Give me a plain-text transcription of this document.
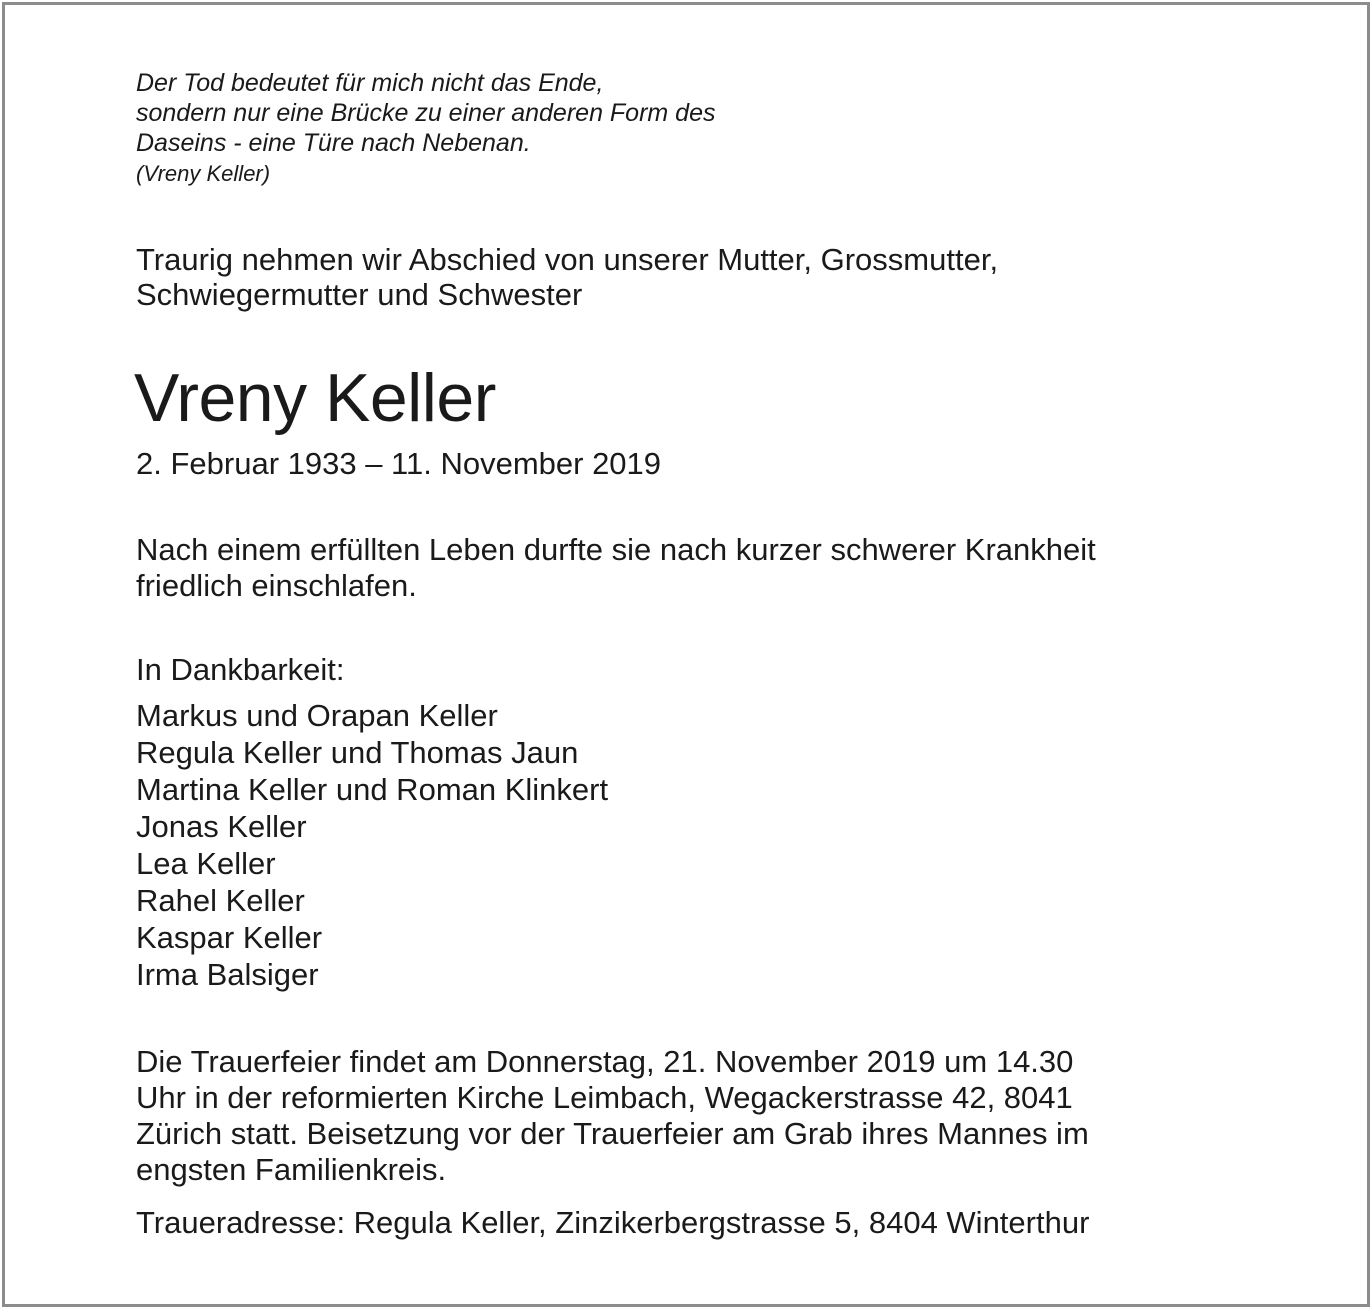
Der Tod bedeutet für mich nicht das Ende,
sondern nur eine Brücke zu einer anderen Form des
Daseins - eine Türe nach Nebenan.
(Vreny Keller)
Traurig nehmen wir Abschied von unserer Mutter, Grossmutter,
Schwiegermutter und Schwester
Vreny Keller
2. Februar 1933 – 11. November 2019
Nach einem erfüllten Leben durfte sie nach kurzer schwerer Krankheit
friedlich einschlafen.
In Dankbarkeit:
Markus und Orapan Keller
Regula Keller und Thomas Jaun
Martina Keller und Roman Klinkert
Jonas Keller
Lea Keller
Rahel Keller
Kaspar Keller
Irma Balsiger
Die Trauerfeier findet am Donnerstag, 21. November 2019 um 14.30
Uhr in der reformierten Kirche Leimbach, Wegackerstrasse 42, 8041
Zürich statt. Beisetzung vor der Trauerfeier am Grab ihres Mannes im
engsten Familienkreis.
Traueradresse: Regula Keller, Zinzikerbergstrasse 5, 8404 Winterthur
